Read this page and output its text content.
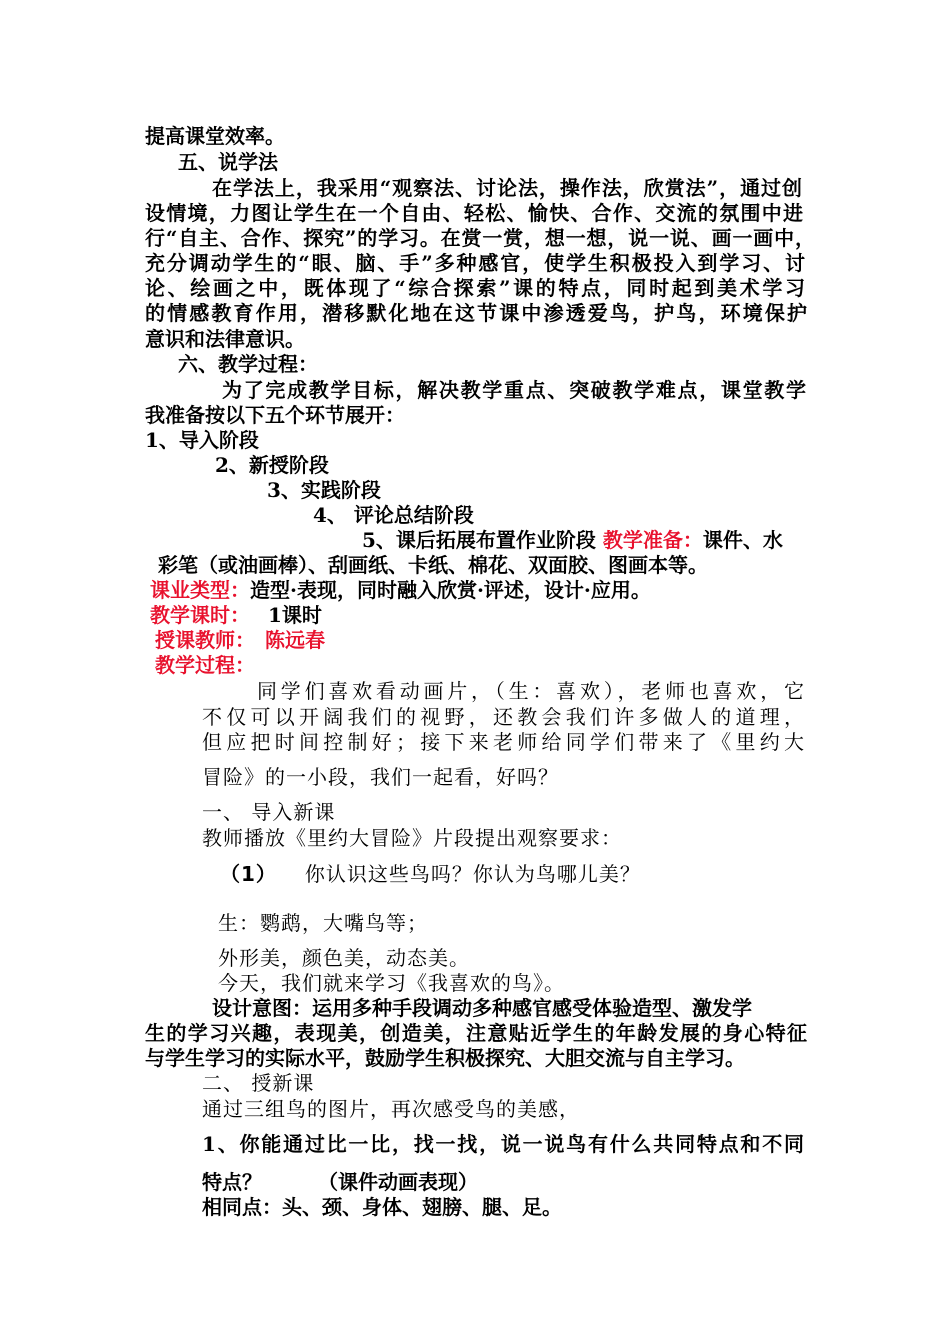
提高课堂效率。
五、说学法
在学法上，我采用“观察法、讨论法，操作法，欣赏法”，通过创
设情境，力图让学生在一个自由、轻松、愉快、合作、交流的氛围中进
行“自主、合作、探究”的学习。在赏一赏，想一想，说一说、画一画中，
充分调动学生的“眼、脑、手”多种感官，使学生积极投入到学习、讨
论、绘画之中，既体现了“综合探索”课的特点，同时起到美术学习
的情感教育作用，潜移默化地在这节课中渗透爱鸟，护鸟，环境保护
意识和法律意识。
六、教学过程：
为了完成教学目标，解决教学重点、突破教学难点，课堂教学
我准备按以下五个环节展开：
1、导入阶段
2、新授阶段
3、实践阶段
4、 评论总结阶段
5、课后拓展布置作业阶段 教学准备：课件、水
彩笔（或油画棒）、刮画纸、卡纸、棉花、双面胶、图画本等。
课业类型：造型·表现，同时融入欣赏·评述，设计·应用。
教学课时： 1课时
授课教师： 陈远春
教学过程：
同学们喜欢看动画片，（生：喜欢），老师也喜欢，它
不仅可以开阔我们的视野，还教会我们许多做人的道理，
但应把时间控制好；接下来老师给同学们带来了《里约大
冒险》的一小段，我们一起看，好吗？
一、 导入新课
教师播放《里约大冒险》片段提出观察要求：
（1） 你认识这些鸟吗？你认为鸟哪儿美？
生：鹦鹉，大嘴鸟等；
外形美，颜色美，动态美。
今天，我们就来学习《我喜欢的鸟》。
设计意图：运用多种手段调动多种感官感受体验造型、激发学
生的学习兴趣，表现美，创造美，注意贴近学生的年龄发展的身心特征
与学生学习的实际水平，鼓励学生积极探究、大胆交流与自主学习。
二、 授新课
通过三组鸟的图片，再次感受鸟的美感，
1、你能通过比一比，找一找，说一说鸟有什么共同特点和不同
特点？	（课件动画表现）
相同点：头、颈、身体、翅膀、腿、足。
